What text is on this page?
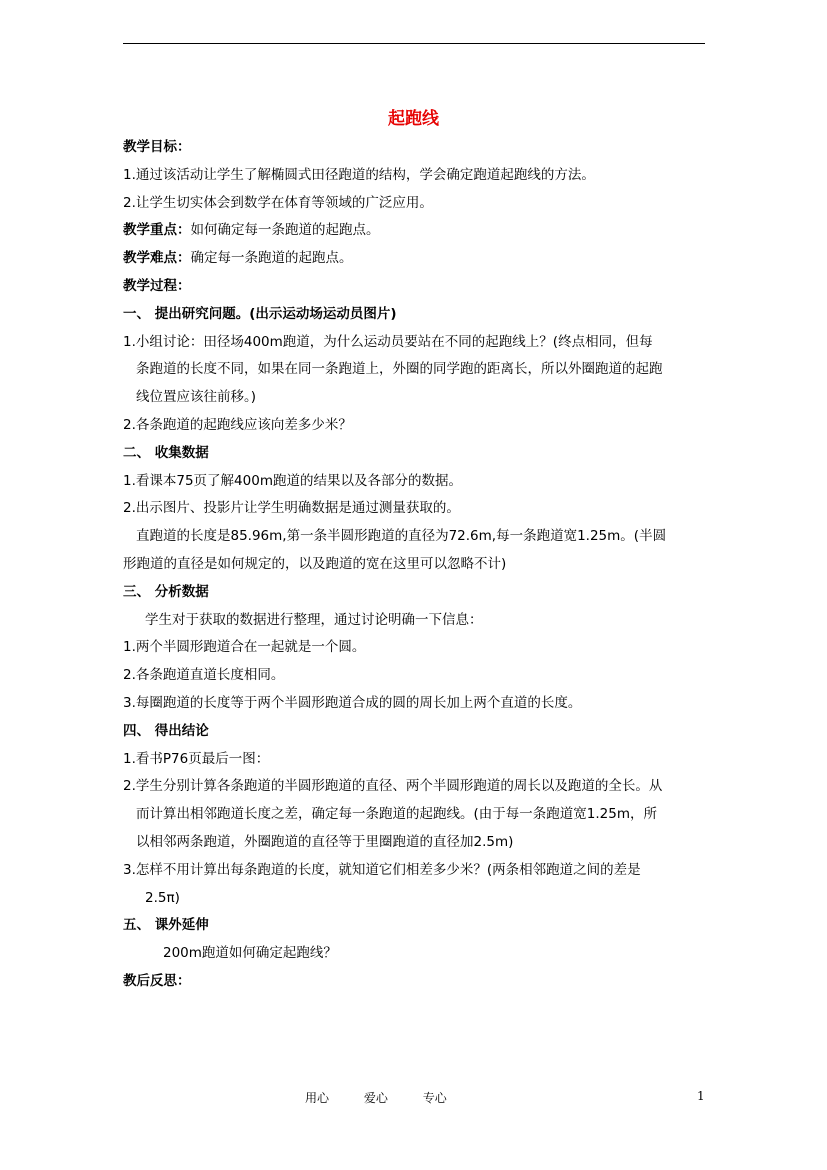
起跑线
教学目标：
1.通过该活动让学生了解椭圆式田径跑道的结构，学会确定跑道起跑线的方法。
2.让学生切实体会到数学在体育等领域的广泛应用。
教学重点：如何确定每一条跑道的起跑点。
教学难点：确定每一条跑道的起跑点。
教学过程：
一、 提出研究问题。(出示运动场运动员图片)
1.小组讨论：田径场400m跑道，为什么运动员要站在不同的起跑线上？(终点相同，但每
条跑道的长度不同，如果在同一条跑道上，外圈的同学跑的距离长，所以外圈跑道的起跑
线位置应该往前移。)
2.各条跑道的起跑线应该向差多少米？
二、 收集数据
1.看课本75页了解400m跑道的结果以及各部分的数据。
2.出示图片、投影片让学生明确数据是通过测量获取的。
直跑道的长度是85.96m,第一条半圆形跑道的直径为72.6m,每一条跑道宽1.25m。(半圆
形跑道的直径是如何规定的，以及跑道的宽在这里可以忽略不计)
三、 分析数据
学生对于获取的数据进行整理，通过讨论明确一下信息：
1.两个半圆形跑道合在一起就是一个圆。
2.各条跑道直道长度相同。
3.每圈跑道的长度等于两个半圆形跑道合成的圆的周长加上两个直道的长度。
四、 得出结论
1.看书P76页最后一图：
2.学生分别计算各条跑道的半圆形跑道的直径、两个半圆形跑道的周长以及跑道的全长。从
而计算出相邻跑道长度之差，确定每一条跑道的起跑线。(由于每一条跑道宽1.25m，所
以相邻两条跑道，外圈跑道的直径等于里圈跑道的直径加2.5m)
3.怎样不用计算出每条跑道的长度，就知道它们相差多少米？(两条相邻跑道之间的差是
2.5π)
五、 课外延伸
200m跑道如何确定起跑线？
教后反思：
用心	爱心	专心	1
